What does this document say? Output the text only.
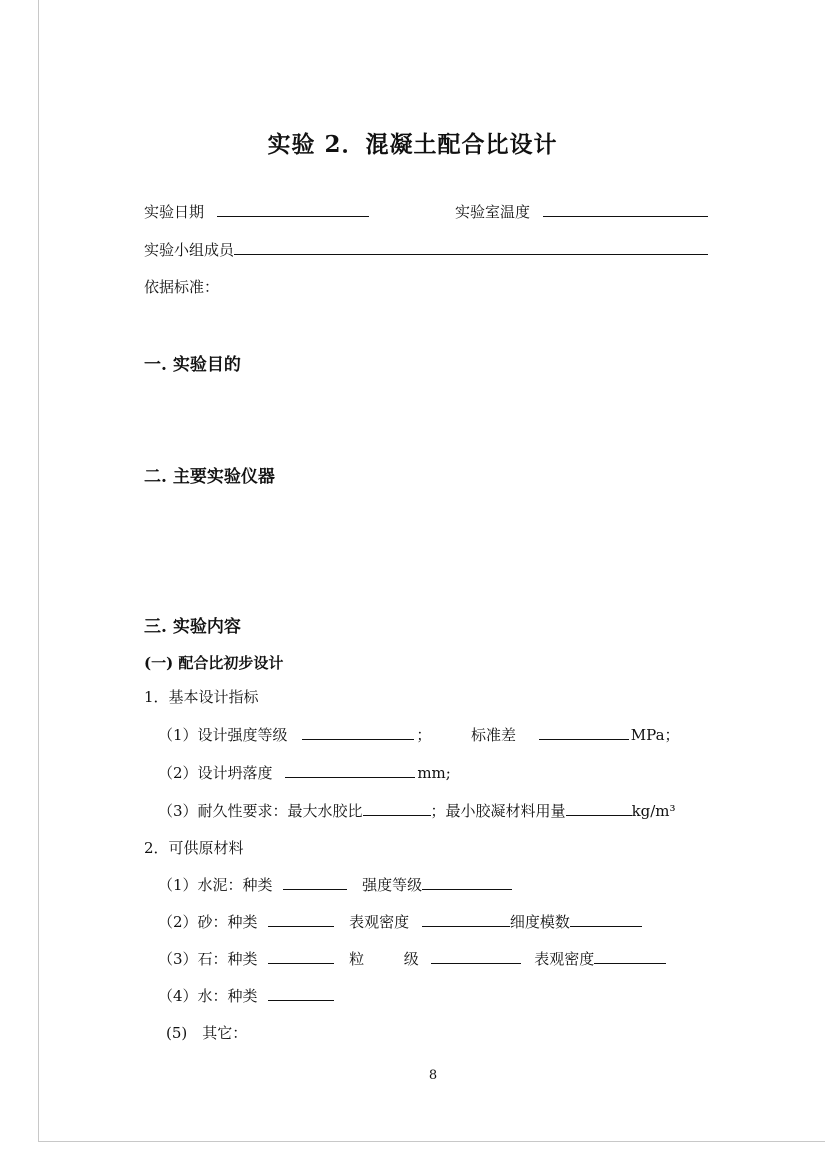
实验 2．混凝土配合比设计
实验日期	实验室温度
实验小组成员
依据标准：
一. 实验目的
二. 主要实验仪器
三. 实验内容
(一) 配合比初步设计
1．基本设计指标
（1）设计强度等级	；	标准差	MPa；
（2）设计坍落度	mm;
（3）耐久性要求：最大水胶比	；最小胶凝材料用量	kg/m³
2．可供原材料
（1）水泥：种类	强度等级
（2）砂：种类	表观密度	细度模数
（3）石：种类	粒	级	表观密度
（4）水：种类
(5)　其它：
8
